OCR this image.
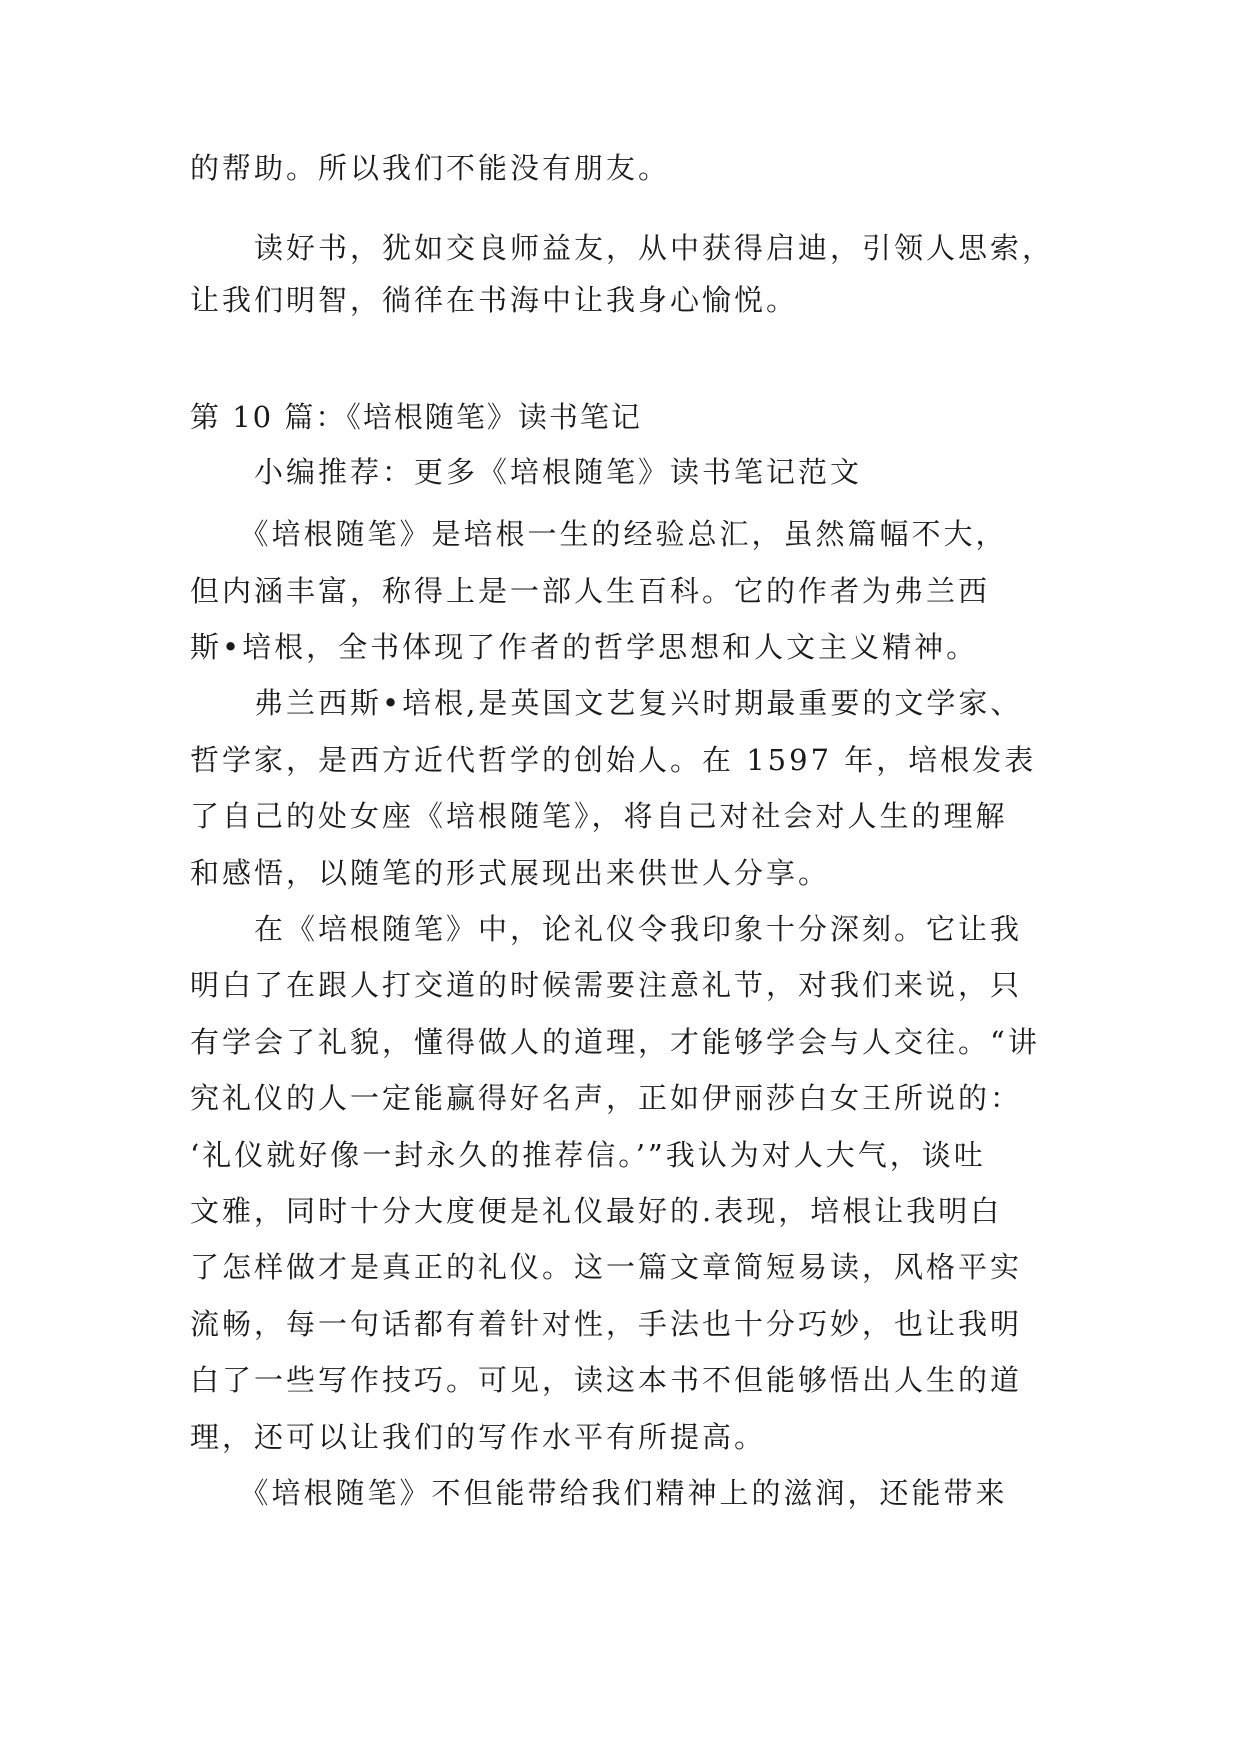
的帮助。所以我们不能没有朋友。
　　读好书，犹如交良师益友，从中获得启迪，引领人思索，
让我们明智，徜徉在书海中让我身心愉悦。
第 10 篇：《培根随笔》读书笔记
　　小编推荐：更多《培根随笔》读书笔记范文
　　《培根随笔》是培根一生的经验总汇，虽然篇幅不大，
但内涵丰富，称得上是一部人生百科。它的作者为弗兰西
斯•培根，全书体现了作者的哲学思想和人文主义精神。
　　弗兰西斯•培根,是英国文艺复兴时期最重要的文学家、
哲学家，是西方近代哲学的创始人。在 1597 年，培根发表
了自己的处女座《培根随笔》，将自己对社会对人生的理解
和感悟，以随笔的形式展现出来供世人分享。
　　在《培根随笔》中，论礼仪令我印象十分深刻。它让我
明白了在跟人打交道的时候需要注意礼节，对我们来说，只
有学会了礼貌，懂得做人的道理，才能够学会与人交往。“讲
究礼仪的人一定能赢得好名声，正如伊丽莎白女王所说的：
‘礼仪就好像一封永久的推荐信。’”我认为对人大气，谈吐
文雅，同时十分大度便是礼仪最好的.表现，培根让我明白
了怎样做才是真正的礼仪。这一篇文章简短易读，风格平实
流畅，每一句话都有着针对性，手法也十分巧妙，也让我明
白了一些写作技巧。可见，读这本书不但能够悟出人生的道
理，还可以让我们的写作水平有所提高。
　　《培根随笔》不但能带给我们精神上的滋润，还能带来
